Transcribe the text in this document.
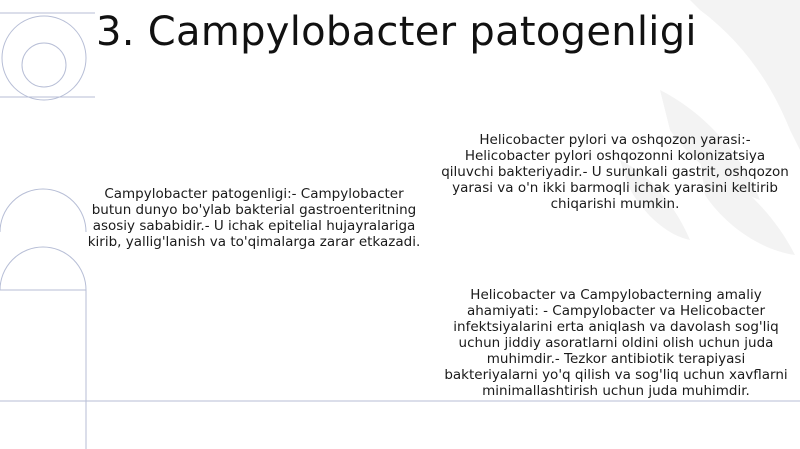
3. Campylobacter patogenligi

Campylobacter patogenligi:- Campylobacter butun dunyo bo'ylab bakterial gastroenteritning asosiy sababidir.- U ichak epitelial hujayralariga kirib, yallig'lanish va to'qimalarga zarar etkazadi.

Helicobacter pylori va oshqozon yarasi:- Helicobacter pylori oshqozonni kolonizatsiya qiluvchi bakteriyadir.- U surunkali gastrit, oshqozon yarasi va o'n ikki barmoqli ichak yarasini keltirib chiqarishi mumkin.

Helicobacter va Campylobacterning amaliy ahamiyati: - Campylobacter va Helicobacter infektsiyalarini erta aniqlash va davolash sog'liq uchun jiddiy asoratlarni oldini olish uchun juda muhimdir.- Tezkor antibiotik terapiyasi bakteriyalarni yo'q qilish va sog'liq uchun xavflarni minimallashtirish uchun juda muhimdir.
